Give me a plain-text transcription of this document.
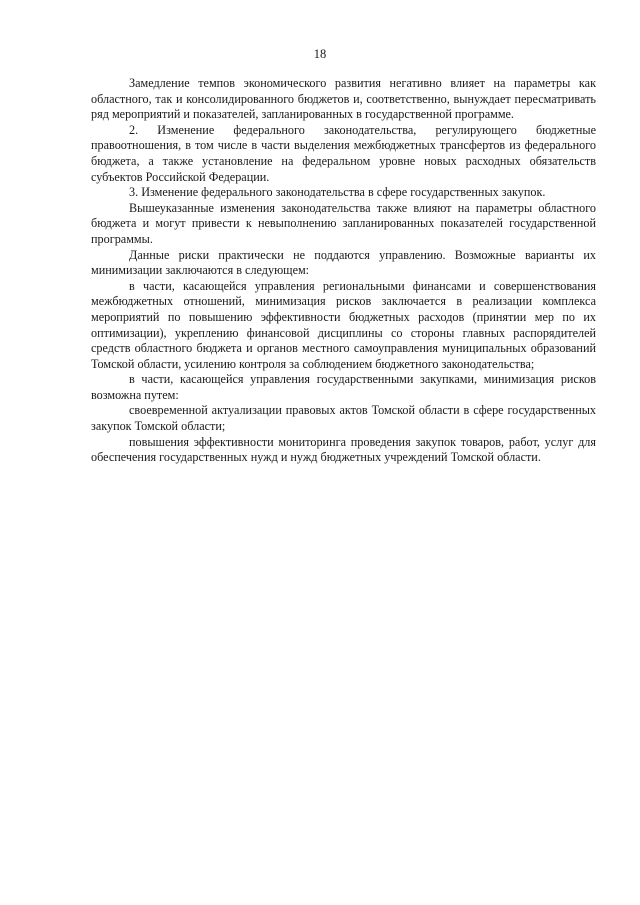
18

Замедление темпов экономического развития негативно влияет на параметры как областного, так и консолидированного бюджетов и, соответственно, вынуждает пересматривать ряд мероприятий и показателей, запланированных в государственной программе.

2. Изменение федерального законодательства, регулирующего бюджетные правоотношения, в том числе в части выделения межбюджетных трансфертов из федерального бюджета, а также установление на федеральном уровне новых расходных обязательств субъектов Российской Федерации.

3. Изменение федерального законодательства в сфере государственных закупок.

Вышеуказанные изменения законодательства также влияют на параметры областного бюджета и могут привести к невыполнению запланированных показателей государственной программы.

Данные риски практически не поддаются управлению. Возможные варианты их минимизации заключаются в следующем:

в части, касающейся управления региональными финансами и совершенствования межбюджетных отношений, минимизация рисков заключается в реализации комплекса мероприятий по повышению эффективности бюджетных расходов (принятии мер по их оптимизации), укреплению финансовой дисциплины со стороны главных распорядителей средств областного бюджета и органов местного самоуправления муниципальных образований Томской области, усилению контроля за соблюдением бюджетного законодательства;

в части, касающейся управления государственными закупками, минимизация рисков возможна путем:

своевременной актуализации правовых актов Томской области в сфере государственных закупок Томской области;

повышения эффективности мониторинга проведения закупок товаров, работ, услуг для обеспечения государственных нужд и нужд бюджетных учреждений Томской области.
